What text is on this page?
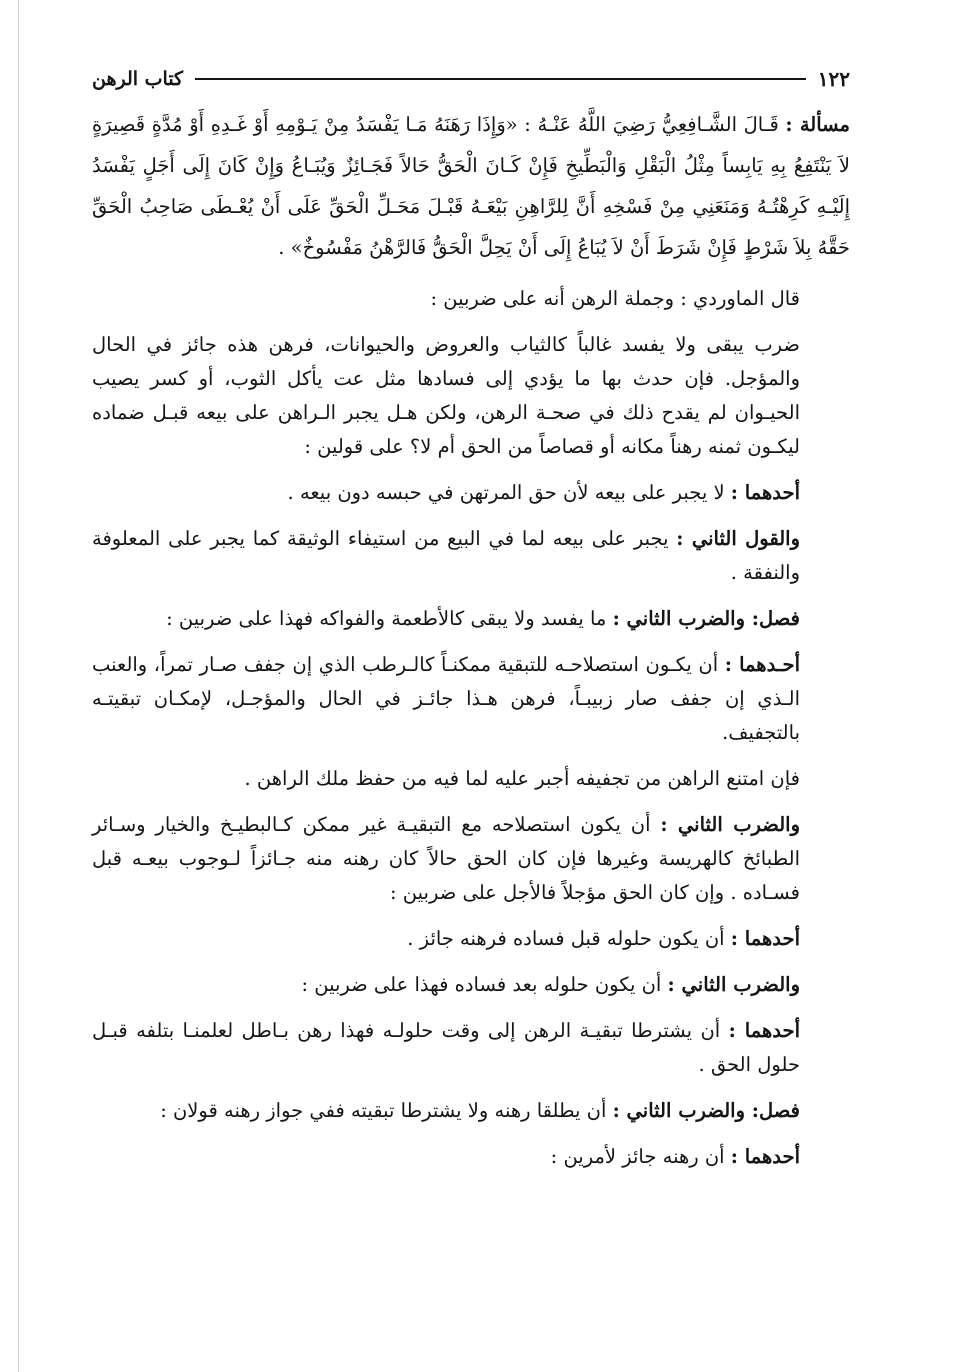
١٢٢
كتاب الرهن

مسألة : قَـالَ الشَّـافِعِيُّ رَضِيَ اللَّهُ عَنْـهُ : «وَإِذَا رَهَنَهُ مَـا يَفْسَدُ مِنْ يَـوْمِهِ أَوْ غَـدِهِ أَوْ مُدَّةٍ قَصِيرَةٍ لاَ يَنْتَفِعُ بِهِ يَابِساً مِثْلُ الْبَقْلِ وَالْبَطِّيخِ فَإِنْ كَـانَ الْحَقُّ حَالاً فَجَـائِزٌ وَيُبَـاعُ وَإِنْ كَانَ إِلَى أَجَلٍ يَفْسَدُ إِلَيْـهِ كَرِهْتُـهُ وَمَنَعَنِي مِنْ فَسْخِهِ أَنَّ لِلرَّاهِنِ بَيْعَـهُ قَبْـلَ مَحَـلِّ الْحَقِّ عَلَى أَنْ يُعْـطَى صَاحِبُ الْحَقِّ حَقَّهُ بِلاَ شَرْطٍ فَإِنْ شَرَطَ أَنْ لاَ يُبَاعُ إِلَى أَنْ يَحِلَّ الْحَقُّ فَالرَّهْنُ مَفْسُوخٌ» .

قال الماوردي : وجملة الرهن أنه على ضربين :

ضرب يبقى ولا يفسد غالباً كالثياب والعروض والحيوانات، فرهن هذه جائز في الحال والمؤجل. فإن حدث بها ما يؤدي إلى فسادها مثل عت يأكل الثوب، أو كسر يصيب الحيـوان لم يقدح ذلك في صحـة الرهن، ولكن هـل يجبر الـراهن على بيعه قبـل ضماده ليكـون ثمنه رهناً مكانه أو قصاصاً من الحق أم لا؟ على قولين :

أحدهما : لا يجبر على بيعه لأن حق المرتهن في حبسه دون بيعه .

والقول الثاني : يجبر على بيعه لما في البيع من استيفاء الوثيقة كما يجبر على المعلوفة والنفقة .

فصل: والضرب الثاني : ما يفسد ولا يبقى كالأطعمة والفواكه فهذا على ضربين :

أحـدهما : أن يكـون استصلاحـه للتبقية ممكنـاً كالـرطب الذي إن جفف صـار تمراً، والعنب الـذي إن جفف صار زبيبـاً، فرهن هـذا جائـز في الحال والمؤجـل، لإمكـان تبقيتـه بالتجفيف.

فإن امتنع الراهن من تجفيفه أجبر عليه لما فيه من حفظ ملك الراهن .

والضرب الثاني : أن يكون استصلاحه مع التبقيـة غير ممكن كـالبطيـخ والخيار وسـائر الطبائخ كالهريسة وغيرها فإن كان الحق حالاً كان رهنه منه جـائزاً لـوجوب بيعـه قبل فسـاده . وإن كان الحق مؤجلاً فالأجل على ضربين :

أحدهما : أن يكون حلوله قبل فساده فرهنه جائز .

والضرب الثاني : أن يكون حلوله بعد فساده فهذا على ضربين :

أحدهما : أن يشترطا تبقيـة الرهن إلى وقت حلولـه فهذا رهن بـاطل لعلمنـا بتلفه قبـل حلول الحق .

فصل: والضرب الثاني : أن يطلقا رهنه ولا يشترطا تبقيته ففي جواز رهنه قولان :

أحدهما : أن رهنه جائز لأمرين :
